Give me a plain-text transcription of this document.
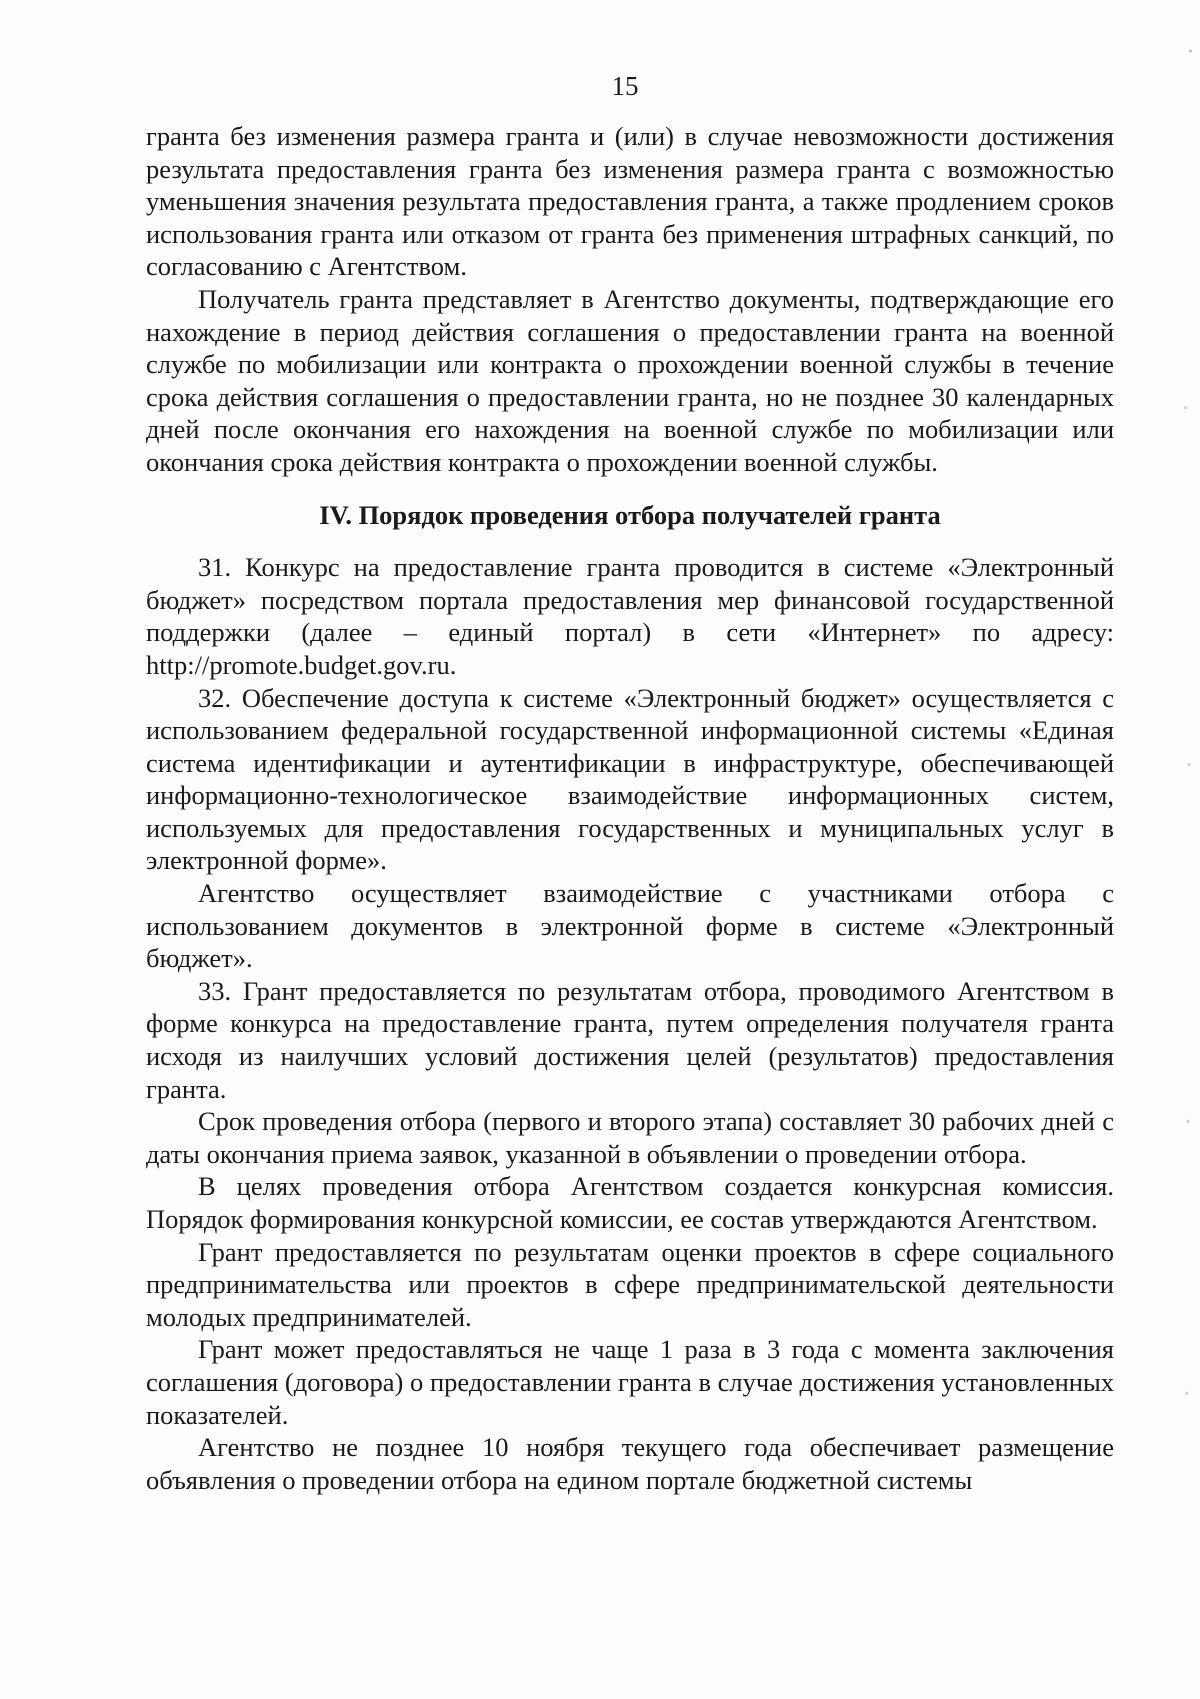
15

гранта без изменения размера гранта и (или) в случае невозможности достижения результата предоставления гранта без изменения размера гранта с возможностью уменьшения значения результата предоставления гранта, а также продлением сроков использования гранта или отказом от гранта без применения штрафных санкций, по согласованию с Агентством.

Получатель гранта представляет в Агентство документы, подтверждающие его нахождение в период действия соглашения о предоставлении гранта на военной службе по мобилизации или контракта о прохождении военной службы в течение срока действия соглашения о предоставлении гранта, но не позднее 30 календарных дней после окончания его нахождения на военной службе по мобилизации или окончания срока действия контракта о прохождении военной службы.

IV. Порядок проведения отбора получателей гранта

31. Конкурс на предоставление гранта проводится в системе «Электронный бюджет» посредством портала предоставления мер финансовой государственной поддержки (далее – единый портал) в сети «Интернет» по адресу: http://promote.budget.gov.ru.

32. Обеспечение доступа к системе «Электронный бюджет» осуществляется с использованием федеральной государственной информационной системы «Единая система идентификации и аутентификации в инфраструктуре, обеспечивающей информационно-технологическое взаимодействие информационных систем, используемых для предоставления государственных и муниципальных услуг в электронной форме».

Агентство осуществляет взаимодействие с участниками отбора с использованием документов в электронной форме в системе «Электронный бюджет».

33. Грант предоставляется по результатам отбора, проводимого Агентством в форме конкурса на предоставление гранта, путем определения получателя гранта исходя из наилучших условий достижения целей (результатов) предоставления гранта.

Срок проведения отбора (первого и второго этапа) составляет 30 рабочих дней с даты окончания приема заявок, указанной в объявлении о проведении отбора.

В целях проведения отбора Агентством создается конкурсная комиссия. Порядок формирования конкурсной комиссии, ее состав утверждаются Агентством.

Грант предоставляется по результатам оценки проектов в сфере социального предпринимательства или проектов в сфере предпринимательской деятельности молодых предпринимателей.

Грант может предоставляться не чаще 1 раза в 3 года с момента заключения соглашения (договора) о предоставлении гранта в случае достижения установленных показателей.

Агентство не позднее 10 ноября текущего года обеспечивает размещение объявления о проведении отбора на едином портале бюджетной системы
